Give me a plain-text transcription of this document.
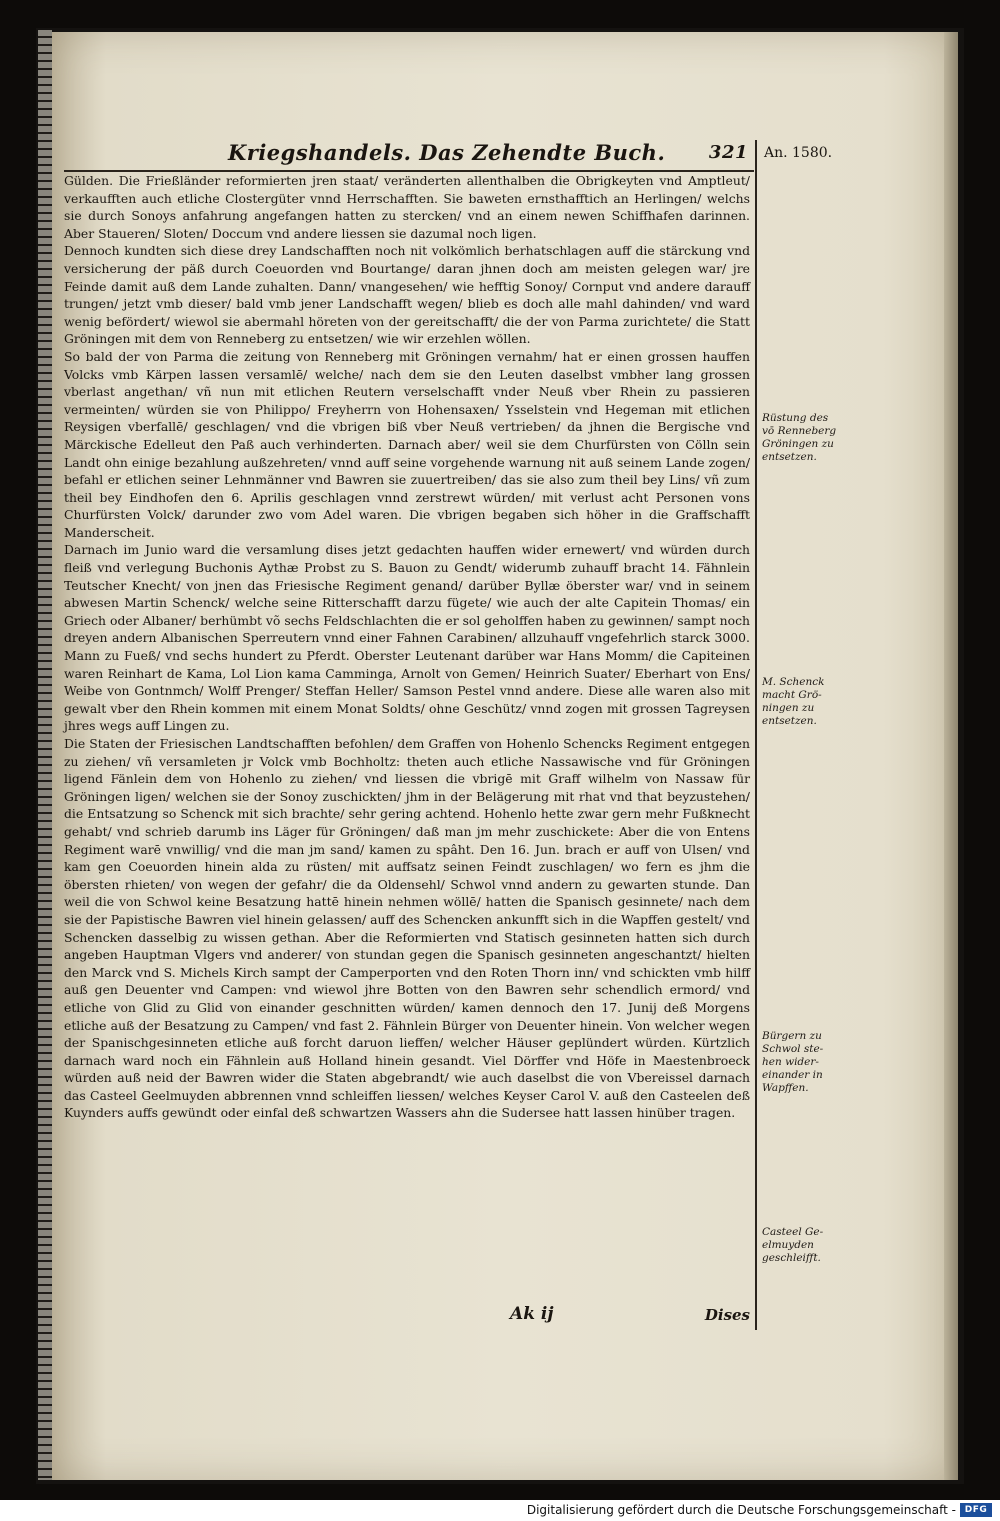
Kriegshandels. Das Zehendte Buch. 321 An. 1580.

Gülden. Die Frießländer reformierten jren staat/ veränderten allenthalben die Obrigkeyten vnd Amptleut/ verkaufften auch etliche Clostergüter vnnd Herrschafften. Sie baweten ernsthafftich an Herlingen/ welchs sie durch Sonoys anfahrung angefangen hatten zu stercken/ vnd an einem newen Schiffhafen darinnen. Aber Staueren/ Sloten/ Doccum vnd andere liessen sie dazumal noch ligen.

Dennoch kundten sich diese drey Landschafften noch nit volkömlich berhatschlagen auff die stärckung vnd versicherung der päß durch Coeuorden vnd Bourtange/ daran jhnen doch am meisten gelegen war/ jre Feinde damit auß dem Lande zuhalten. Dann/ vnangesehen/ wie hefftig Sonoy/ Cornput vnd andere darauff trungen/ jetzt vmb dieser/ bald vmb jener Landschafft wegen/ blieb es doch alle mahl dahinden/ vnd ward wenig befördert/ wiewol sie abermahl höreten von der gereitschafft/ die der von Parma zurichtete/ die Statt Gröningen mit dem von Renneberg zu entsetzen/ wie wir erzehlen wöllen.

So bald der von Parma die zeitung von Renneberg mit Gröningen vernahm/ hat er einen grossen hauffen Volcks vmb Kärpen lassen versamlē/ welche/ nach dem sie den Leuten daselbst vmbher lang grossen vberlast angethan/ vñ nun mit etlichen Reutern verselschafft vnder Neuß vber Rhein zu passieren vermeinten/ würden sie von Philippo/ Freyherrn von Hohensaxen/ Ysselstein vnd Hegeman mit etlichen Reysigen vberfallē/ geschlagen/ vnd die vbrigen biß vber Neuß vertrieben/ da jhnen die Bergische vnd Märckische Edelleut den Paß auch verhinderten. Darnach aber/ weil sie dem Churfürsten von Cölln sein Landt ohn einige bezahlung außzehreten/ vnnd auff seine vorgehende warnung nit auß seinem Lande zogen/ befahl er etlichen seiner Lehnmänner vnd Bawren sie zuuertreiben/ das sie also zum theil bey Lins/ vñ zum theil bey Eindhofen den 6. Aprilis geschlagen vnnd zerstrewt würden/ mit verlust acht Personen vons Churfürsten Volck/ darunder zwo vom Adel waren. Die vbrigen begaben sich höher in die Graffschafft Manderscheit.

Darnach im Junio ward die versamlung dises jetzt gedachten hauffen wider ernewert/ vnd würden durch fleiß vnd verlegung Buchonis Aythæ Probst zu S. Bauon zu Gendt/ widerumb zuhauff bracht 14. Fähnlein Teutscher Knecht/ von jnen das Friesische Regiment genand/ darüber Byllæ öberster war/ vnd in seinem abwesen Martin Schenck/ welche seine Ritterschafft darzu fügete/ wie auch der alte Capitein Thomas/ ein Griech oder Albaner/ berhümbt võ sechs Feldschlachten die er sol geholffen haben zu gewinnen/ sampt noch dreyen andern Albanischen Sperreutern vnnd einer Fahnen Carabinen/ allzuhauff vngefehrlich starck 3000. Mann zu Fueß/ vnd sechs hundert zu Pferdt. Oberster Leutenant darüber war Hans Momm/ die Capiteinen waren Reinhart de Kama, Lol Lion kama Camminga, Arnolt von Gemen/ Heinrich Suater/ Eberhart von Ens/ Weibe von Gontnmch/ Wolff Prenger/ Steffan Heller/ Samson Pestel vnnd andere. Diese alle waren also mit gewalt vber den Rhein kommen mit einem Monat Soldts/ ohne Geschütz/ vnnd zogen mit grossen Tagreysen jhres wegs auff Lingen zu.

Die Staten der Friesischen Landtschafften befohlen/ dem Graffen von Hohenlo Schencks Regiment entgegen zu ziehen/ vñ versamleten jr Volck vmb Bochholtz: theten auch etliche Nassawische vnd für Gröningen ligend Fänlein dem von Hohenlo zu ziehen/ vnd liessen die vbrigē mit Graff wilhelm von Nassaw für Gröningen ligen/ welchen sie der Sonoy zuschickten/ jhm in der Belägerung mit rhat vnd that beyzustehen/ die Entsatzung so Schenck mit sich brachte/ sehr gering achtend. Hohenlo hette zwar gern mehr Fußknecht gehabt/ vnd schrieb darumb ins Läger für Gröningen/ daß man jm mehr zuschickete: Aber die von Entens Regiment warē vnwillig/ vnd die man jm sand/ kamen zu spâht. Den 16. Jun. brach er auff von Ulsen/ vnd kam gen Coeuorden hinein alda zu rüsten/ mit auffsatz seinen Feindt zuschlagen/ wo fern es jhm die öbersten rhieten/ von wegen der gefahr/ die da Oldensehl/ Schwol vnnd andern zu gewarten stunde. Dan weil die von Schwol keine Besatzung hattē hinein nehmen wöllē/ hatten die Spanisch gesinnete/ nach dem sie der Papistische Bawren viel hinein gelassen/ auff des Schencken ankunfft sich in die Wapffen gestelt/ vnd Schencken dasselbig zu wissen gethan. Aber die Reformierten vnd Statisch gesinneten hatten sich durch angeben Hauptman Vlgers vnd anderer/ von stundan gegen die Spanisch gesinneten angeschantzt/ hielten den Marck vnd S. Michels Kirch sampt der Camperporten vnd den Roten Thorn inn/ vnd schickten vmb hilff auß gen Deuenter vnd Campen: vnd wiewol jhre Botten von den Bawren sehr schendlich ermord/ vnd etliche von Glid zu Glid von einander geschnitten würden/ kamen dennoch den 17. Junij deß Morgens etliche auß der Besatzung zu Campen/ vnd fast 2. Fähnlein Bürger von Deuenter hinein. Von welcher wegen der Spanischgesinneten etliche auß forcht daruon lieffen/ welcher Häuser geplündert würden. Kürtzlich darnach ward noch ein Fähnlein auß Holland hinein gesandt. Viel Dörffer vnd Höfe in Maestenbroeck würden auß neid der Bawren wider die Staten abgebrandt/ wie auch daselbst die von Vbereissel darnach das Casteel Geelmuyden abbrennen vnnd schleiffen liessen/ welches Keyser Carol V. auß den Casteelen deß Kuynders auffs gewündt oder einfal deß schwartzen Wassers ahn die Sudersee hatt lassen hinüber tragen.

Rüstung des vō Renneberg Gröningen zu entsetzen.
M. Schenck macht Gröningen zu entsetzen.
Bürgern zu Schwol stehen widereinander in Wapffen.
Casteel Geelmuyden geschleifft.
Ak ij	Dises
Digitalisierung gefördert durch die Deutsche Forschungsgemeinschaft - DFG
